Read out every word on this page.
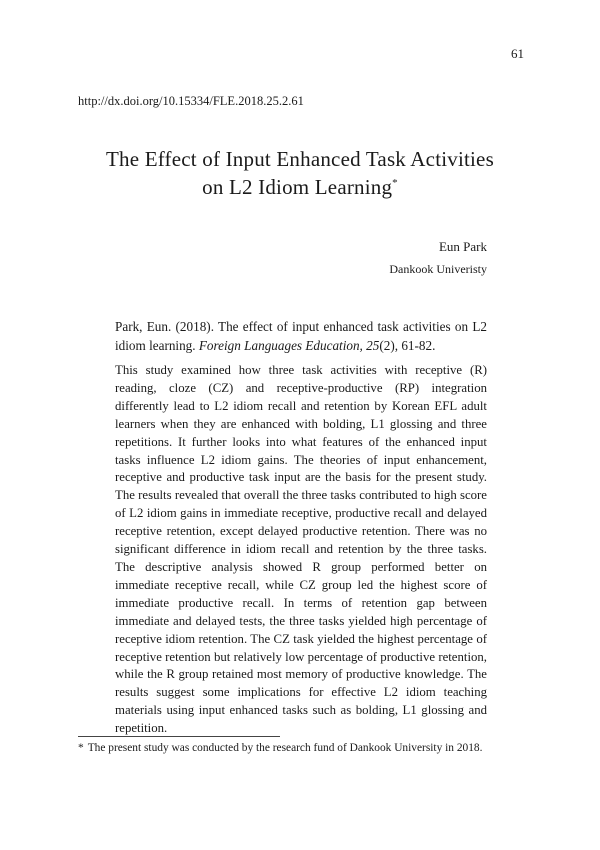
61
http://dx.doi.org/10.15334/FLE.2018.25.2.61
The Effect of Input Enhanced Task Activities
on L2 Idiom Learning*
Eun Park
Dankook Univeristy

Park, Eun. (2018). The effect of input enhanced task activities on L2 idiom learning. Foreign Languages Education, 25(2), 61-82.

This study examined how three task activities with receptive (R) reading, cloze (CZ) and receptive-productive (RP) integration differently lead to L2 idiom recall and retention by Korean EFL adult learners when they are enhanced with bolding, L1 glossing and three repetitions. It further looks into what features of the enhanced input tasks influence L2 idiom gains. The theories of input enhancement, receptive and productive task input are the basis for the present study. The results revealed that overall the three tasks contributed to high score of L2 idiom gains in immediate receptive, productive recall and delayed receptive retention, except delayed productive retention. There was no significant difference in idiom recall and retention by the three tasks. The descriptive analysis showed R group performed better on immediate receptive recall, while CZ group led the highest score of immediate productive recall. In terms of retention gap between immediate and delayed tests, the three tasks yielded high percentage of receptive idiom retention. The CZ task yielded the highest percentage of receptive retention but relatively low percentage of productive retention, while the R group retained most memory of productive knowledge. The results suggest some implications for effective L2 idiom teaching materials using input enhanced tasks such as bolding, L1 glossing and repetition.

* The present study was conducted by the research fund of Dankook University in 2018.
